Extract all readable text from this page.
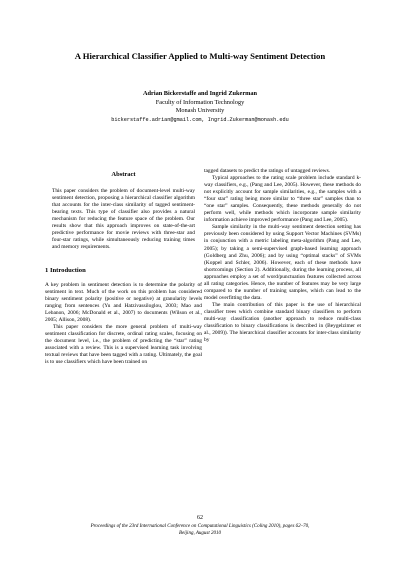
A Hierarchical Classifier Applied to Multi-way Sentiment Detection
Adrian Bickerstaffe and Ingrid Zukerman
Faculty of Information Technology
Monash University
bickerstaffe.adrian@gmail.com, Ingrid.Zukerman@monash.edu
Abstract

This paper considers the problem of document-level multi-way sentiment detection, proposing a hierarchical classifier algorithm that accounts for the inter-class similarity of tagged sentiment-bearing texts. This type of classifier also provides a natural mechanism for reducing the feature space of the problem. Our results show that this approach improves on state-of-the-art predictive performance for movie reviews with three-star and four-star ratings, while simultaneously reducing training times and memory requirements.

1 Introduction

A key problem in sentiment detection is to determine the polarity of sentiment in text. Much of the work on this problem has considered binary sentiment polarity (positive or negative) at granularity levels ranging from sentences (Yu and Hatzivassiloglou, 2003; Mao and Lebanon, 2006; McDonald et al., 2007) to documents (Wilson et al., 2005; Allison, 2008).

This paper considers the more general problem of multi-way sentiment classification for discrete, ordinal rating scales, focusing on the document level, i.e., the problem of predicting the “star” rating associated with a review. This is a supervised learning task involving textual reviews that have been tagged with a rating. Ultimately, the goal is to use classifiers which have been trained on

tagged datasets to predict the ratings of untagged reviews.

Typical approaches to the rating scale problem include standard k-way classifiers, e.g., (Pang and Lee, 2005). However, these methods do not explicitly account for sample similarities, e.g., the samples with a “four star” rating being more similar to “three star” samples than to “one star” samples. Consequently, these methods generally do not perform well, while methods which incorporate sample similarity information achieve improved performance (Pang and Lee, 2005).

Sample similarity in the multi-way sentiment detection setting has previously been considered by using Support Vector Machines (SVMs) in conjunction with a metric labeling meta-algorithm (Pang and Lee, 2005); by taking a semi-supervised graph-based learning approach (Goldberg and Zhu, 2006); and by using “optimal stacks” of SVMs (Koppel and Schler, 2006). However, each of these methods have shortcomings (Section 2). Additionally, during the learning process, all approaches employ a set of word/punctuation features collected across all rating categories. Hence, the number of features may be very large compared to the number of training samples, which can lead to the model overfitting the data.

The main contribution of this paper is the use of hierarchical classifier trees which combine standard binary classifiers to perform multi-way classification (another approach to reduce multi-class classification to binary classifications is described in (Beygelzimer et al., 2009)). The hierarchical classifier accounts for inter-class similarity by

62
Proceedings of the 23rd International Conference on Computational Linguistics (Coling 2010), pages 62–70,
Beijing, August 2010
